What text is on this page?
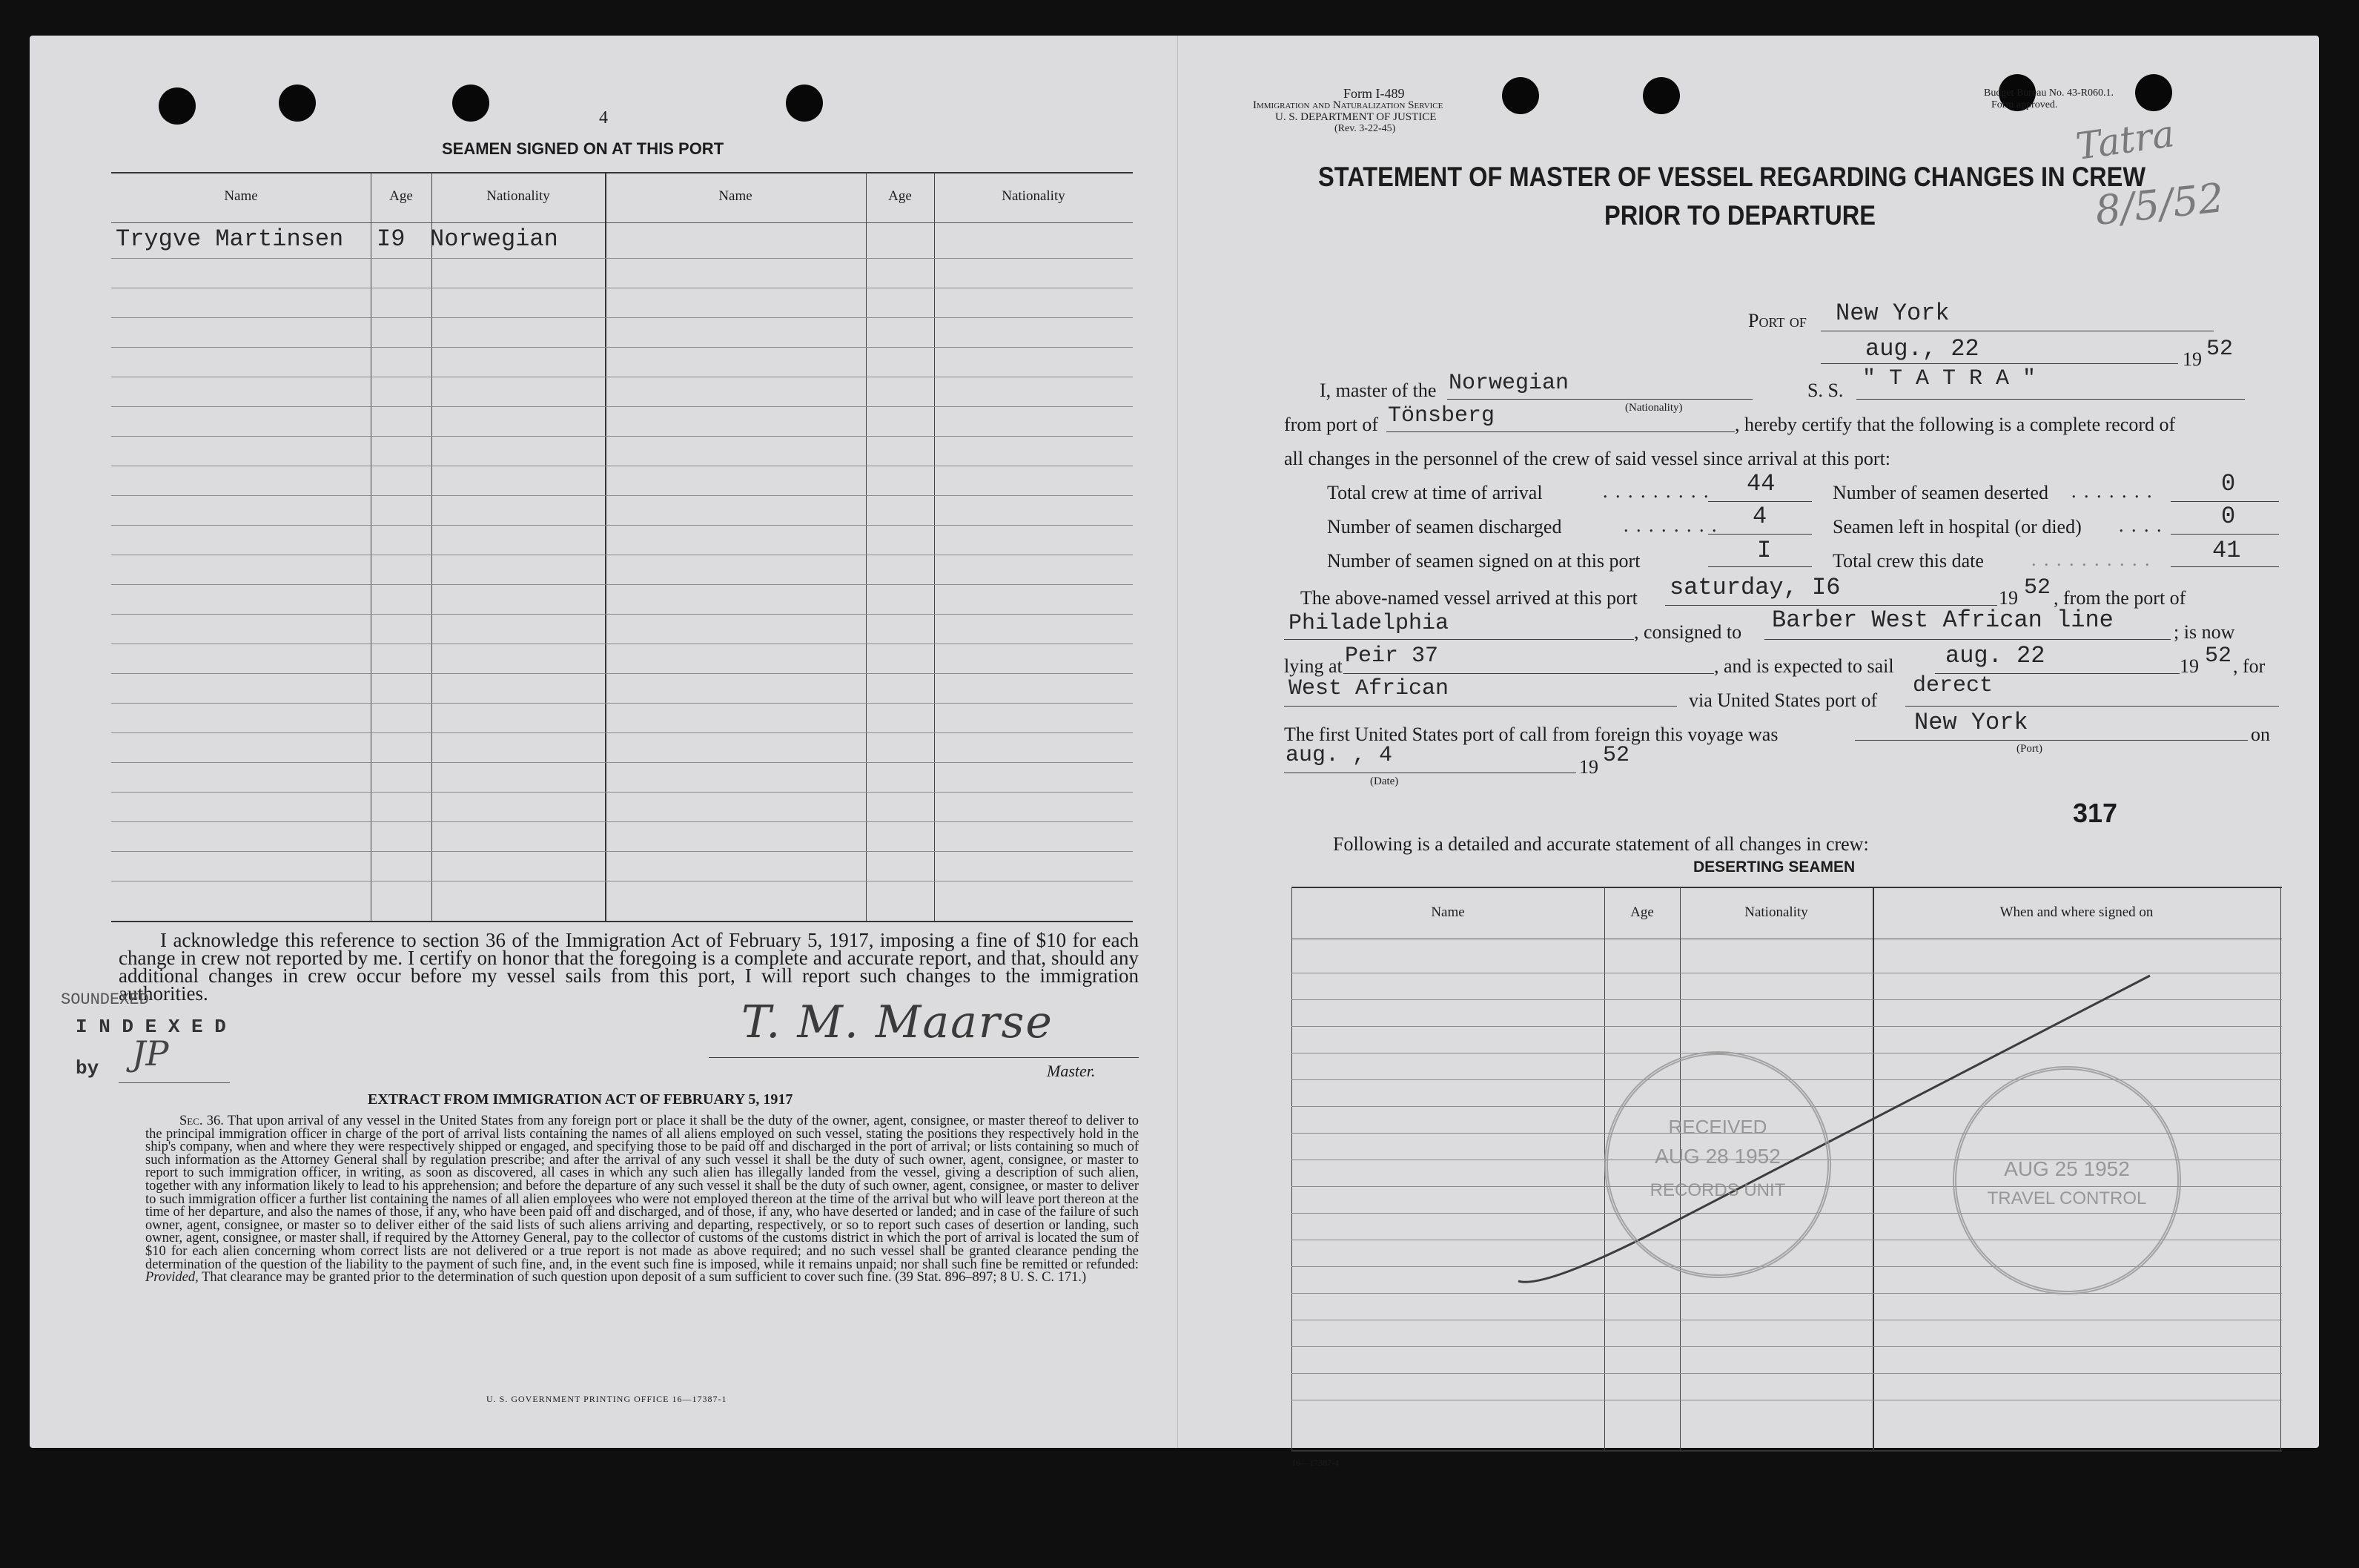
4
SEAMEN SIGNED ON AT THIS PORT
Name	Age	Nationality	Name	Age	Nationality
Trygve Martinsen I9 Norwegian
I acknowledge this reference to section 36 of the Immigration Act of February 5, 1917, imposing a fine of $10 for each change in crew not reported by me. I certify on honor that the foregoing is a complete and accurate report, and that, should any additional changes in crew occur before my vessel sails from this port, I will report such changes to the immigration authorities.
SOUNDEXED
I N D E X E D
by JP
T. M. Maarse
Master.
EXTRACT FROM IMMIGRATION ACT OF FEBRUARY 5, 1917
Sec. 36. That upon arrival of any vessel in the United States from any foreign port or place it shall be the duty of the owner, agent, consignee, or master thereof to deliver to the principal immigration officer in charge of the port of arrival lists containing the names of all aliens employed on such vessel, stating the positions they respectively hold in the ship's company, when and where they were respectively shipped or engaged, and specifying those to be paid off and discharged in the port of arrival; or lists containing so much of such information as the Attorney General shall by regulation prescribe; and after the arrival of any such vessel it shall be the duty of such owner, agent, consignee, or master to report to such immigration officer, in writing, as soon as discovered, all cases in which any such alien has illegally landed from the vessel, giving a description of such alien, together with any information likely to lead to his apprehension; and before the departure of any such vessel it shall be the duty of such owner, agent, consignee, or master to deliver to such immigration officer a further list containing the names of all alien employees who were not employed thereon at the time of the arrival but who will leave port thereon at the time of her departure, and also the names of those, if any, who have been paid off and discharged, and of those, if any, who have deserted or landed; and in case of the failure of such owner, agent, consignee, or master so to deliver either of the said lists of such aliens arriving and departing, respectively, or so to report such cases of desertion or landing, such owner, agent, consignee, or master shall, if required by the Attorney General, pay to the collector of customs of the customs district in which the port of arrival is located the sum of $10 for each alien concerning whom correct lists are not delivered or a true report is not made as above required; and no such vessel shall be granted clearance pending the determination of the question of the liability to the payment of such fine, and, in the event such fine is imposed, while it remains unpaid; nor shall such fine be remitted or refunded: Provided, That clearance may be granted prior to the determination of such question upon deposit of a sum sufficient to cover such fine. (39 Stat. 896–897; 8 U. S. C. 171.)
U. S. GOVERNMENT PRINTING OFFICE 16—17387-1
Form I-489
Immigration and Naturalization Service
U. S. DEPARTMENT OF JUSTICE
(Rev. 3-22-45)
Budget Bureau No. 43-R060.1.
Form approved.
Tatra
8/5/52
STATEMENT OF MASTER OF VESSEL REGARDING CHANGES IN CREW
PRIOR TO DEPARTURE
Port of New York
aug., 22	19 52
I, master of the Norwegian
(Nationality)
S. S. " T A T R A "
from port of Tönsberg	, hereby certify that the following is a complete record of
all changes in the personnel of the crew of said vessel since arrival at this port:
Total crew at time of arrival	. . . . . . . . . 44	Number of seamen deserted . . . . . . .	0
Number of seamen discharged	. . . . . . . . 4	Seamen left in hospital (or died) . . . . 0
Number of seamen signed on at this port	I	Total crew this date . . . . . . . . . .	41
The above-named vessel arrived at this port saturday, I6	19 52 , from the port of
Philadelphia	, consigned to Barber West African line	; is now
lying at Peir 37	, and is expected to sail aug. 22	19 52 , for
West African	via United States port of
derect
The first United States port of call from foreign this voyage was	New York
(Port)
on
aug. , 4
(Date)
19 52
317
Following is a detailed and accurate statement of all changes in crew:
DESERTING SEAMEN
Name	Age	Nationality	When and where signed on
RECEIVED
AUG 28 1952
RECORDS UNIT
AUG 25 1952
TRAVEL CONTROL
16—17387-4
